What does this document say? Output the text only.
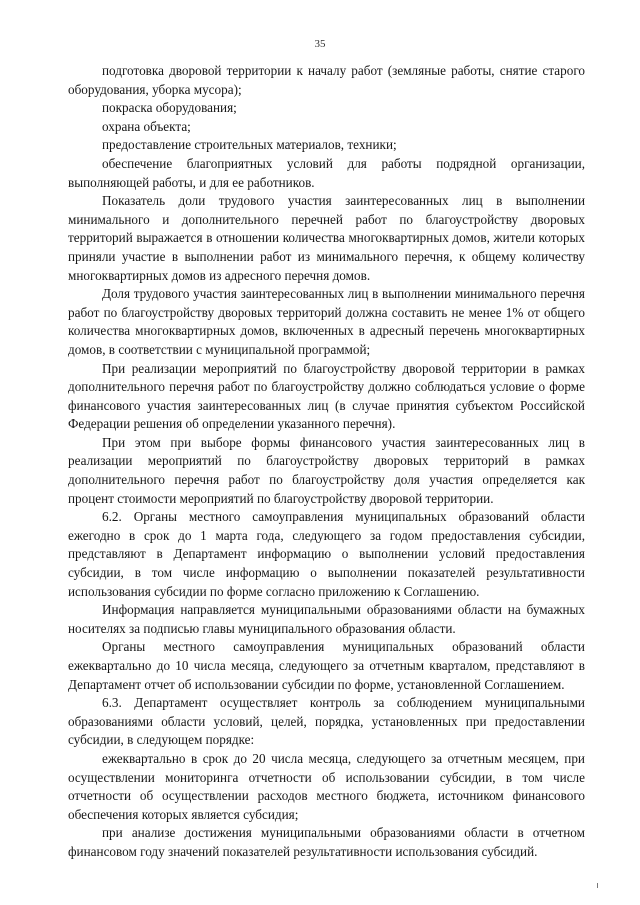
35

подготовка дворовой территории к началу работ (земляные работы, снятие старого оборудования, уборка мусора);

покраска оборудования;

охрана объекта;

предоставление строительных материалов, техники;

обеспечение благоприятных условий для работы подрядной организации, выполняющей работы, и для ее работников.

Показатель доли трудового участия заинтересованных лиц в выполнении минимального и дополнительного перечней работ по благоустройству дворовых территорий выражается в отношении количества многоквартирных домов, жители которых приняли участие в выполнении работ из минимального перечня, к общему количеству многоквартирных домов из адресного перечня домов.

Доля трудового участия заинтересованных лиц в выполнении минимального перечня работ по благоустройству дворовых территорий должна составить не менее 1% от общего количества многоквартирных домов, включенных в адресный перечень многоквартирных домов, в соответствии с муниципальной программой;

При реализации мероприятий по благоустройству дворовой территории в рамках дополнительного перечня работ по благоустройству должно соблюдаться условие о форме финансового участия заинтересованных лиц (в случае принятия субъектом Российской Федерации решения об определении указанного перечня).

При этом при выборе формы финансового участия заинтересованных лиц в реализации мероприятий по благоустройству дворовых территорий в рамках дополнительного перечня работ по благоустройству доля участия определяется как процент стоимости мероприятий по благоустройству дворовой территории.

6.2. Органы местного самоуправления муниципальных образований области ежегодно в срок до 1 марта года, следующего за годом предоставления субсидии, представляют в Департамент информацию о выполнении условий предоставления субсидии, в том числе информацию о выполнении показателей результативности использования субсидии по форме согласно приложению к Соглашению.

Информация направляется муниципальными образованиями области на бумажных носителях за подписью главы муниципального образования области.

Органы местного самоуправления муниципальных образований области ежеквартально до 10 числа месяца, следующего за отчетным кварталом, представляют в Департамент отчет об использовании субсидии по форме, установленной Соглашением.

6.3. Департамент осуществляет контроль за соблюдением муниципальными образованиями области условий, целей, порядка, установленных при предоставлении субсидии, в следующем порядке:

ежеквартально в срок до 20 числа месяца, следующего за отчетным месяцем, при осуществлении мониторинга отчетности об использовании субсидии, в том числе отчетности об осуществлении расходов местного бюджета, источником финансового обеспечения которых является субсидия;

при анализе достижения муниципальными образованиями области в отчетном финансовом году значений показателей результативности использования субсидий.
